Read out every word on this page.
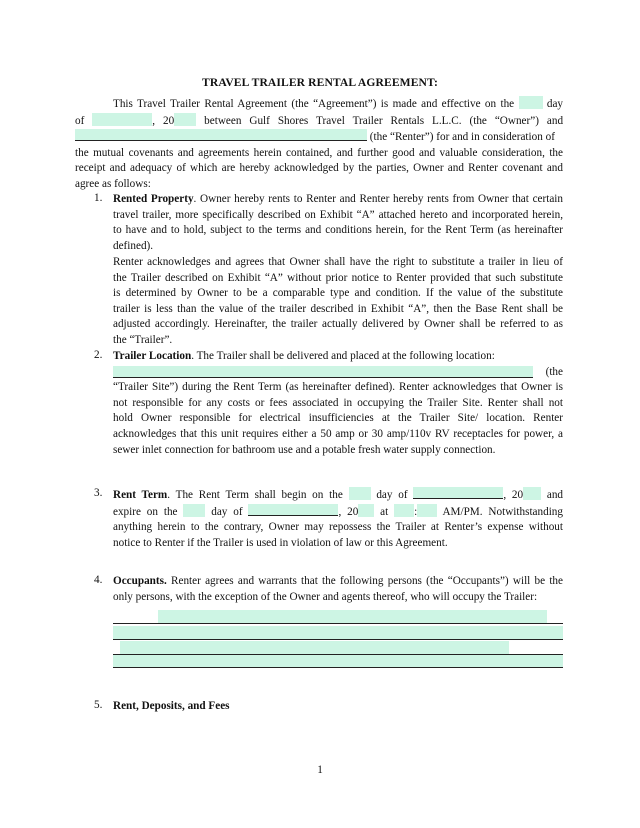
TRAVEL TRAILER RENTAL AGREEMENT:
This Travel Trailer Rental Agreement (the “Agreement”) is made and effective on the	day
of	, 20	between Gulf Shores Travel Trailer Rentals L.L.C. (the “Owner”) and
(the “Renter”) for and in consideration of
the mutual covenants and agreements herein contained, and further good and valuable consideration, the
receipt and adequacy of which are hereby acknowledged by the parties, Owner and Renter covenant and
agree as follows:
1. Rented Property. Owner hereby rents to Renter and Renter hereby rents from Owner that certain
travel trailer, more specifically described on Exhibit “A” attached hereto and incorporated herein,
to have and to hold, subject to the terms and conditions herein, for the Rent Term (as hereinafter
defined).
Renter acknowledges and agrees that Owner shall have the right to substitute a trailer in lieu of
the Trailer described on Exhibit “A” without prior notice to Renter provided that such substitute
is determined by Owner to be a comparable type and condition. If the value of the substitute
trailer is less than the value of the trailer described in Exhibit “A”, then the Base Rent shall be
adjusted accordingly. Hereinafter, the trailer actually delivered by Owner shall be referred to as
the “Trailer”.
2. Trailer Location. The Trailer shall be delivered and placed at the following location:
(the
“Trailer Site”) during the Rent Term (as hereinafter defined). Renter acknowledges that Owner is
not responsible for any costs or fees associated in occupying the Trailer Site. Renter shall not
hold Owner responsible for electrical insufficiencies at the Trailer Site/ location. Renter
acknowledges that this unit requires either a 50 amp or 30 amp/110v RV receptacles for power, a
sewer inlet connection for bathroom use and a potable fresh water supply connection.
3. Rent Term. The Rent Term shall begin on the	day of	, 20 and
expire on the	day of	, 20 at : AM/PM. Notwithstanding
anything herein to the contrary, Owner may repossess the Trailer at Renter’s expense without
notice to Renter if the Trailer is used in violation of law or this Agreement.
4. Occupants. Renter agrees and warrants that the following persons (the “Occupants”) will be the
only persons, with the exception of the Owner and agents thereof, who will occupy the Trailer:
5. Rent, Deposits, and Fees
1
